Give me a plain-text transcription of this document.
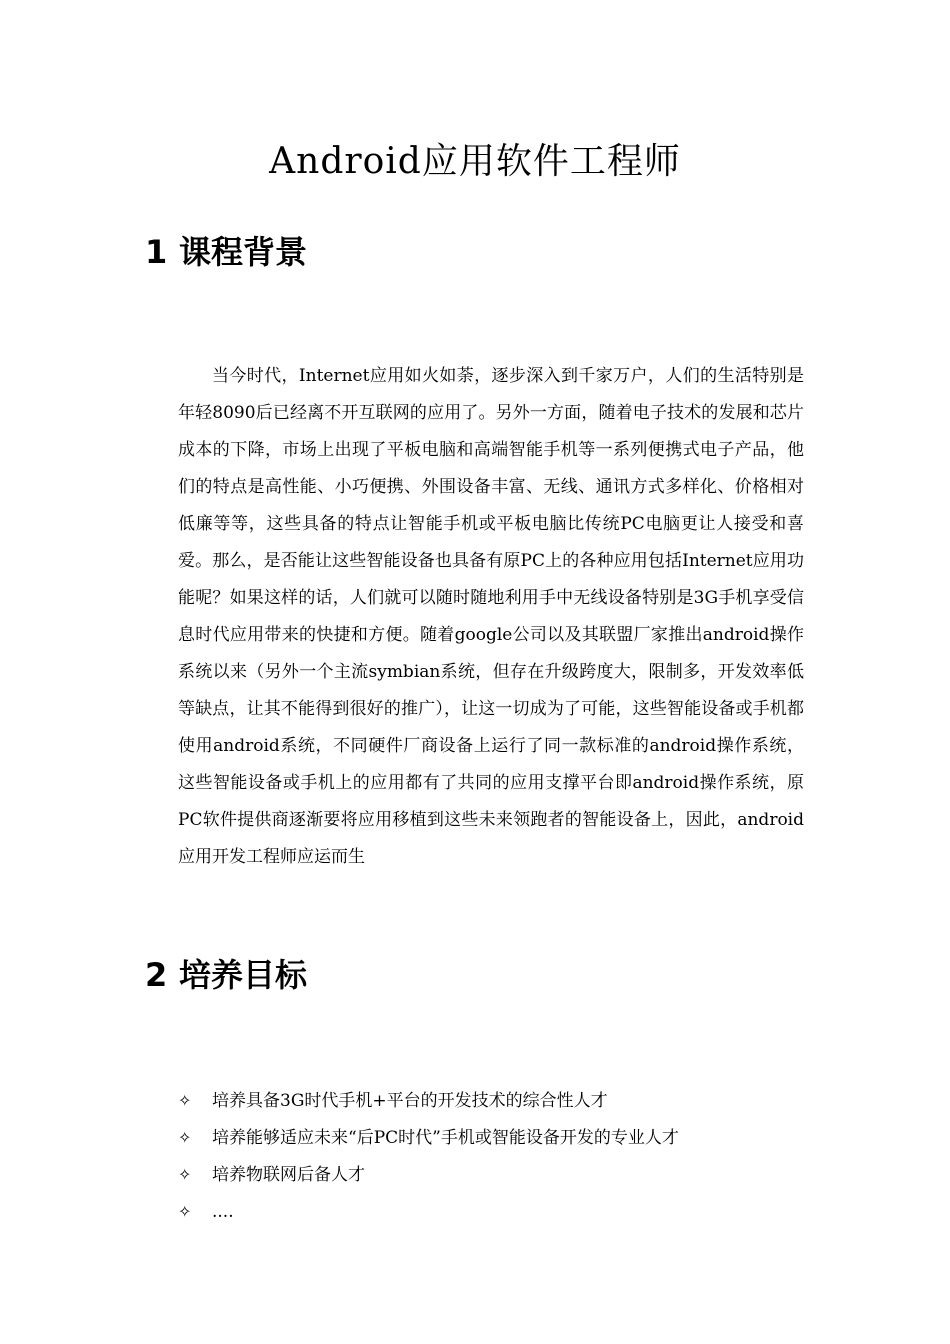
Android应用软件工程师
1 课程背景

当今时代，Internet应用如火如荼，逐步深入到千家万户，人们的生活特别是年轻8090后已经离不开互联网的应用了。另外一方面，随着电子技术的发展和芯片成本的下降，市场上出现了平板电脑和高端智能手机等一系列便携式电子产品，他们的特点是高性能、小巧便携、外围设备丰富、无线、通讯方式多样化、价格相对低廉等等，这些具备的特点让智能手机或平板电脑比传统PC电脑更让人接受和喜爱。那么，是否能让这些智能设备也具备有原PC上的各种应用包括Internet应用功能呢？如果这样的话，人们就可以随时随地利用手中无线设备特别是3G手机享受信息时代应用带来的快捷和方便。随着google公司以及其联盟厂家推出android操作系统以来（另外一个主流symbian系统，但存在升级跨度大，限制多，开发效率低等缺点，让其不能得到很好的推广），让这一切成为了可能，这些智能设备或手机都使用android系统，不同硬件厂商设备上运行了同一款标准的android操作系统，这些智能设备或手机上的应用都有了共同的应用支撑平台即android操作系统，原PC软件提供商逐渐要将应用移植到这些未来领跑者的智能设备上，因此，android应用开发工程师应运而生

2 培养目标
✧ 培养具备3G时代手机+平台的开发技术的综合性人才
✧ 培养能够适应未来“后PC时代”手机或智能设备开发的专业人才
✧ 培养物联网后备人才
✧ ....
